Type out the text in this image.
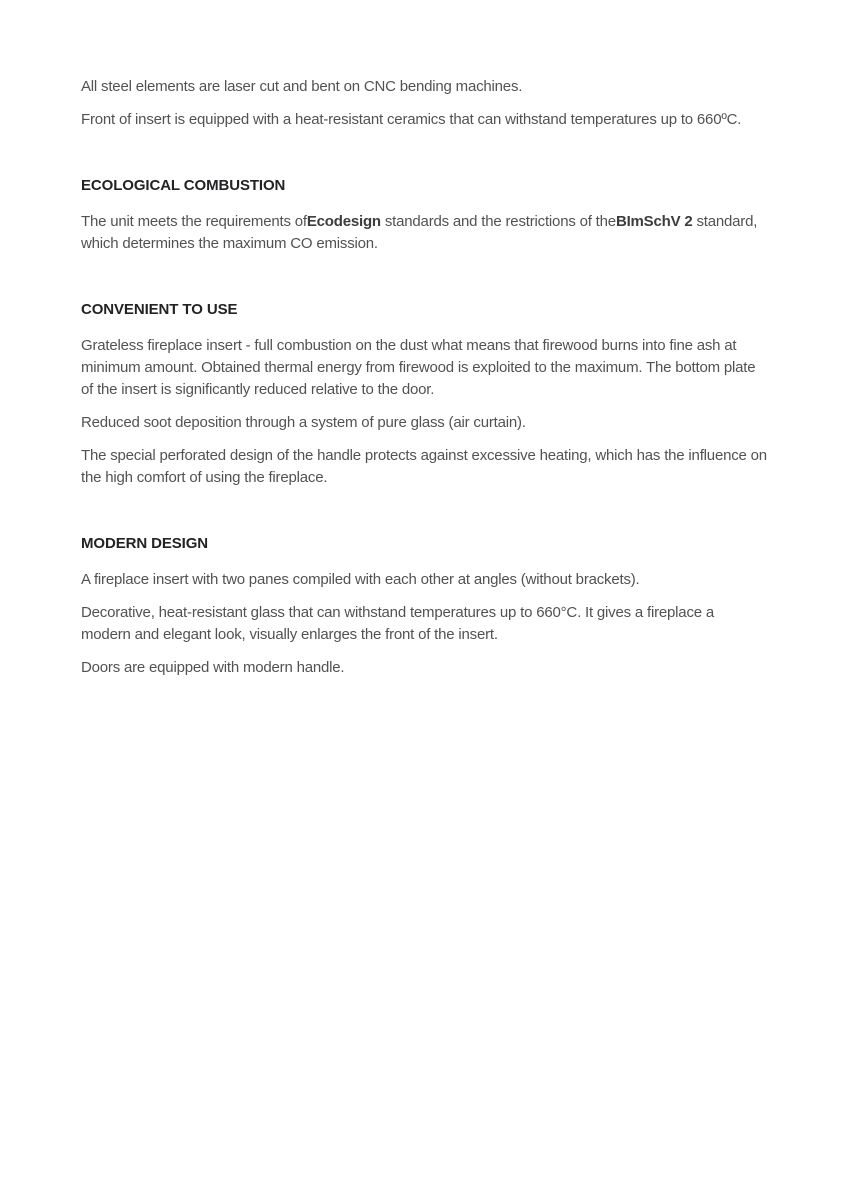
All steel elements are laser cut and bent on CNC bending machines.

Front of insert is equipped with a heat-resistant ceramics that can withstand temperatures up to 660ºC.

ECOLOGICAL COMBUSTION

The unit meets the requirements ofEcodesign standards and the restrictions of theBImSchV 2 standard, which determines the maximum CO emission.

CONVENIENT TO USE

Grateless fireplace insert - full combustion on the dust what means that firewood burns into fine ash at minimum amount. Obtained thermal energy from firewood is exploited to the maximum. The bottom plate of the insert is significantly reduced relative to the door.

Reduced soot deposition through a system of pure glass (air curtain).

The special perforated design of the handle protects against excessive heating, which has the influence on the high comfort of using the fireplace.

MODERN DESIGN

A fireplace insert with two panes compiled with each other at angles (without brackets).

Decorative, heat-resistant glass that can withstand temperatures up to 660°C. It gives a fireplace a modern and elegant look, visually enlarges the front of the insert.

Doors are equipped with modern handle.
